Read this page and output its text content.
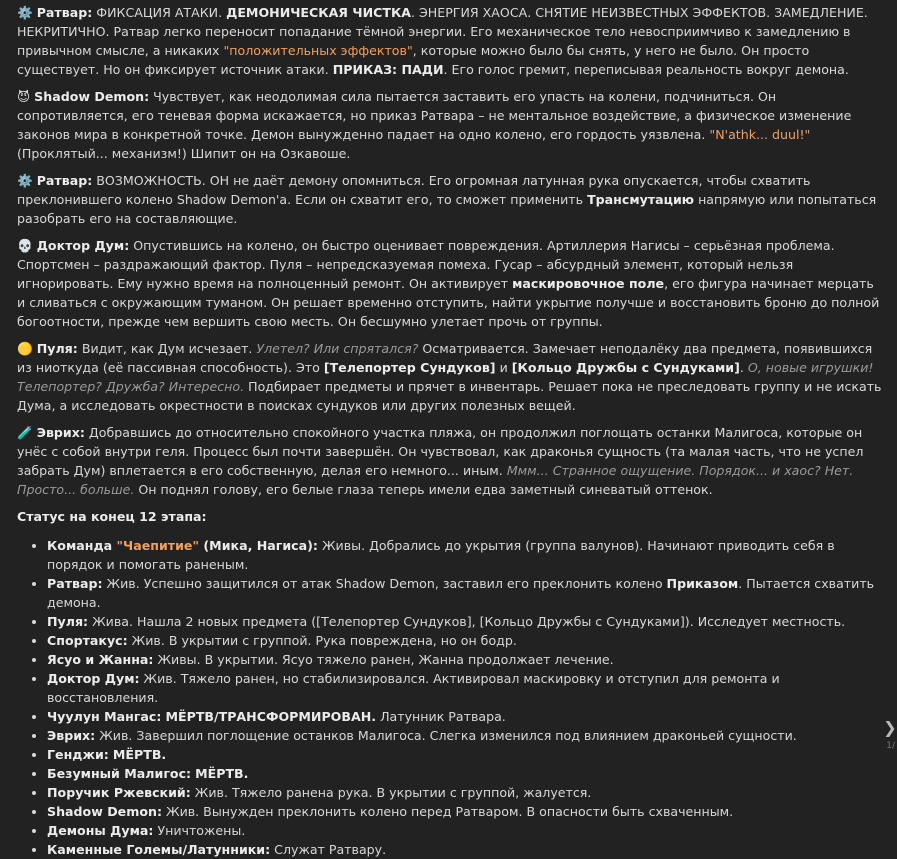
⚙️ Ратвар: ФИКСАЦИЯ АТАКИ. ДЕМОНИЧЕСКАЯ ЧИСТКА. ЭНЕРГИЯ ХАОСА. СНЯТИЕ НЕИЗВЕСТНЫХ ЭФФЕКТОВ. ЗАМЕДЛЕНИЕ. НЕКРИТИЧНО. Ратвар легко переносит попадание тёмной энергии. Его механическое тело невосприимчиво к замедлению в привычном смысле, а никаких "положительных эффектов", которые можно было бы снять, у него не было. Он просто существует. Но он фиксирует источник атаки. ПРИКАЗ: ПАДИ. Его голос гремит, переписывая реальность вокруг демона.

😈 Shadow Demon: Чувствует, как неодолимая сила пытается заставить его упасть на колени, подчиниться. Он сопротивляется, его теневая форма искажается, но приказ Ратвара – не ментальное воздействие, а физическое изменение законов мира в конкретной точке. Демон вынужденно падает на одно колено, его гордость уязвлена. "N'athk... duul!" (Проклятый... механизм!) Шипит он на Озкавоше.

⚙️ Ратвар: ВОЗМОЖНОСТЬ. ОН не даёт демону опомниться. Его огромная латунная рука опускается, чтобы схватить преклонившего колено Shadow Demon'а. Если он схватит его, то сможет применить Трансмутацию напрямую или попытаться разобрать его на составляющие.

💀 Доктор Дум: Опустившись на колено, он быстро оценивает повреждения. Артиллерия Нагисы – серьёзная проблема. Спортсмен – раздражающий фактор. Пуля – непредсказуемая помеха. Гусар – абсурдный элемент, который нельзя игнорировать. Ему нужно время на полноценный ремонт. Он активирует маскировочное поле, его фигура начинает мерцать и сливаться с окружающим туманом. Он решает временно отступить, найти укрытие получше и восстановить броню до полной богоотности, прежде чем вершить свою месть. Он бесшумно улетает прочь от группы.

🟡 Пуля: Видит, как Дум исчезает. Улетел? Или спрятался? Осматривается. Замечает неподалёку два предмета, появившихся из ниоткуда (её пассивная способность). Это [Телепортер Сундуков] и [Кольцо Дружбы с Сундуками]. О, новые игрушки! Телепортер? Дружба? Интересно. Подбирает предметы и прячет в инвентарь. Решает пока не преследовать группу и не искать Дума, а исследовать окрестности в поисках сундуков или других полезных вещей.

🧪 Эврих: Добравшись до относительно спокойного участка пляжа, он продолжил поглощать останки Малигоса, которые он унёс с собой внутри геля. Процесс был почти завершён. Он чувствовал, как драконья сущность (та малая часть, что не успел забрать Дум) вплетается в его собственную, делая его немного... иным. Ммм... Странное ощущение. Порядок... и хаос? Нет. Просто... больше. Он поднял голову, его белые глаза теперь имели едва заметный синеватый оттенок.

Статус на конец 12 этапа:
• Команда "Чаепитие" (Мика, Нагиса): Живы. Добрались до укрытия (группа валунов). Начинают приводить себя в порядок и помогать раненым.
• Ратвар: Жив. Успешно защитился от атак Shadow Demon, заставил его преклонить колено Приказом. Пытается схватить демона.
• Пуля: Жива. Нашла 2 новых предмета ([Телепортер Сундуков], [Кольцо Дружбы с Сундуками]). Исследует местность.
• Спортакус: Жив. В укрытии с группой. Рука повреждена, но он бодр.
• Ясуо и Жанна: Живы. В укрытии. Ясуо тяжело ранен, Жанна продолжает лечение.
• Доктор Дум: Жив. Тяжело ранен, но стабилизировался. Активировал маскировку и отступил для ремонта и восстановления.
• Чуулун Мангас: МЁРТВ/ТРАНСФОРМИРОВАН. Латунник Ратвара.
• Эврих: Жив. Завершил поглощение останков Малигоса. Слегка изменился под влиянием драконьей сущности.
• Генджи: МЁРТВ.
• Безумный Малигос: МЁРТВ.
• Поручик Ржевский: Жив. Тяжело ранена рука. В укрытии с группой, жалуется.
• Shadow Demon: Жив. Вынужден преклонить колено перед Ратваром. В опасности быть схваченным.
• Демоны Дума: Уничтожены.
• Каменные Големы/Латунники: Служат Ратвару.
❯
1/
